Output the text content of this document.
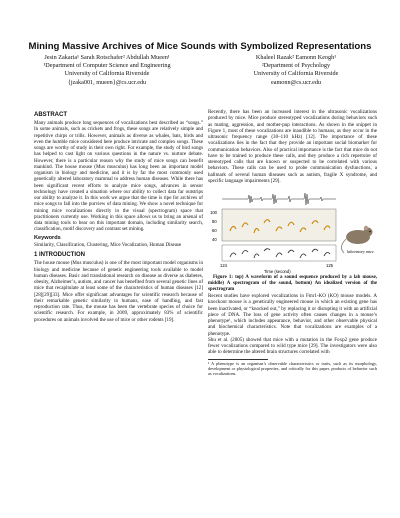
Mining Massive Archives of Mice Sounds with Symbolized Representations
Jesin Zakaria¹ Sarah Rotschafer² Abdullah Mueen¹
¹Department of Computer Science and Engineering
University of California Riverside
{jzaka001, mueen}@cs.ucr.edu
Khaleel Razak² Eamonn Keogh¹
²Department of Psychology
University of California Riverside
eamonn@cs.ucr.edu
ABSTRACT

Many animals produce long sequences of vocalizations best described as “songs.” In some animals, such as crickets and frogs, these songs are relatively simple and repetitive chirps or trills. However, animals as diverse as whales, bats, birds and even the humble mice considered here produce intricate and complex songs. These songs are worthy of study in their own right. For example, the study of bird songs has helped to cast light on various questions in the nature vs. nurture debate. However, there is a particular reason why the study of mice songs can benefit mankind. The house mouse (Mus musculus) has long been an important model organism in biology and medicine, and it is by far the most commonly used genetically altered laboratory mammal to address human diseases. While there has been significant recent efforts to analyze mice songs, advances in sensor technology have created a situation where our ability to collect data far outstrips our ability to analyze it. In this work we argue that the time is ripe for archives of mice songs to fall into the purview of data mining. We show a novel technique for mining mice vocalizations directly in the visual (spectrogram) space that practitioners currently use. Working in this space allows us to bring an arsenal of data mining tools to bear on this important domain, including similarity search, classification, motif discovery and contrast set mining.

Keywords

Similarity, Classification, Clustering, Mice Vocalization, Human Disease

1 INTRODUCTION

The house mouse (Mus musculus) is one of the most important model organisms in biology and medicine because of genetic engineering tools available to model human diseases. Basic and translational research on disease as diverse as diabetes, obesity, Alzheimer’s, autism, and cancer has benefited from several genetic lines of mice that recapitulate at least some of the characteristics of human diseases [12][28][29][33]. Mice offer significant advantages for scientific research because of their remarkable genetic similarity to humans, ease of handling, and fast reproduction rate. Thus, the mouse has been the vertebrate species of choice for scientific research. For example, in 2009, approximately 83% of scientific procedures on animals involved the use of mice or other rodents [19].

Recently, there has been an increased interest in the ultrasonic vocalizations produced by mice. Mice produce stereotyped vocalizations during behaviors such as mating, aggression, and mother-pup interactions. As shown in the snippet in Figure 1, most of these vocalizations are inaudible to humans, as they occur in the ultrasonic frequency range (30–110 kHz) [12]. The importance of these vocalizations lies in the fact that they provide an important social biomarker for communication behaviors. Also of practical importance is the fact that mice do not have to be trained to produce these calls, and they produce a rich repertoire of stereotyped calls that are known or suspected to be correlated with various behaviors. These calls can be used to probe communication dysfunctions, a hallmark of several human diseases such as autism, fragile X syndrome, and specific language impairments [29].

100
80
60
40
124	125
Time (second)
laboratory mice

Figure 1: top) A waveform of a sound sequence produced by a lab mouse, middle) A spectrogram of the sound, bottom) An idealized version of the spectrogram

Recent studies have explored vocalizations in Fmr1-KO (KO) mouse models. A knockout mouse is a genetically engineered mouse in which an existing gene has been inactivated, or “knocked out,” by replacing it or disrupting it with an artificial piece of DNA. The loss of gene activity often causes changes in a mouse’s phenotype¹, which includes appearance, behavior, and other observable physical and biochemical characteristics. Note that vocalizations are examples of a phenotype.

Shu et al. (2005) showed that mice with a mutation in the Foxp2 gene produce fewer vocalizations compared to wild type mice [29]. The investigators were also able to determine the altered brain structures correlated with

¹ A phenotype is an organism’s observable characteristics or traits, such as its morphology, development or physiological properties, and critically for this paper, products of behavior such as vocalizations.
